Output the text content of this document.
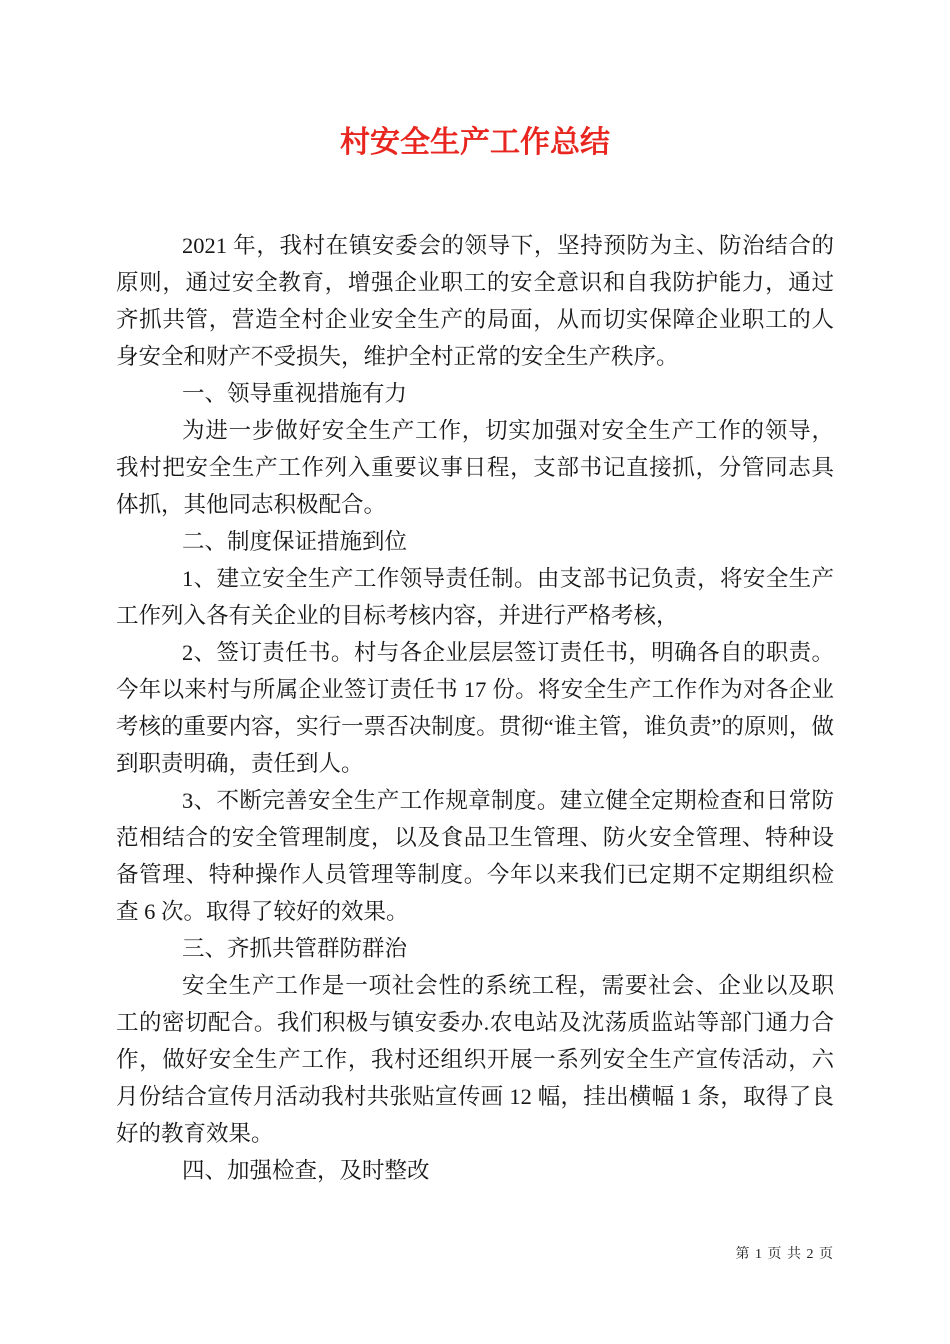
村安全生产工作总结

2021 年，我村在镇安委会的领导下，坚持预防为主、防治结合的原则，通过安全教育，增强企业职工的安全意识和自我防护能力，通过齐抓共管，营造全村企业安全生产的局面，从而切实保障企业职工的人身安全和财产不受损失，维护全村正常的安全生产秩序。

一、领导重视措施有力

为进一步做好安全生产工作，切实加强对安全生产工作的领导，我村把安全生产工作列入重要议事日程，支部书记直接抓，分管同志具体抓，其他同志积极配合。

二、制度保证措施到位

1、建立安全生产工作领导责任制。由支部书记负责，将安全生产工作列入各有关企业的目标考核内容，并进行严格考核，

2、签订责任书。村与各企业层层签订责任书，明确各自的职责。今年以来村与所属企业签订责任书 17 份。将安全生产工作作为对各企业考核的重要内容，实行一票否决制度。贯彻“谁主管，谁负责”的原则，做到职责明确，责任到人。

3、不断完善安全生产工作规章制度。建立健全定期检查和日常防范相结合的安全管理制度，以及食品卫生管理、防火安全管理、特种设备管理、特种操作人员管理等制度。今年以来我们已定期不定期组织检查 6 次。取得了较好的效果。

三、齐抓共管群防群治

安全生产工作是一项社会性的系统工程，需要社会、企业以及职工的密切配合。我们积极与镇安委办.农电站及沈荡质监站等部门通力合作，做好安全生产工作，我村还组织开展一系列安全生产宣传活动，六月份结合宣传月活动我村共张贴宣传画 12 幅，挂出横幅 1 条，取得了良好的教育效果。

四、加强检查，及时整改

第 1 页 共 2 页
